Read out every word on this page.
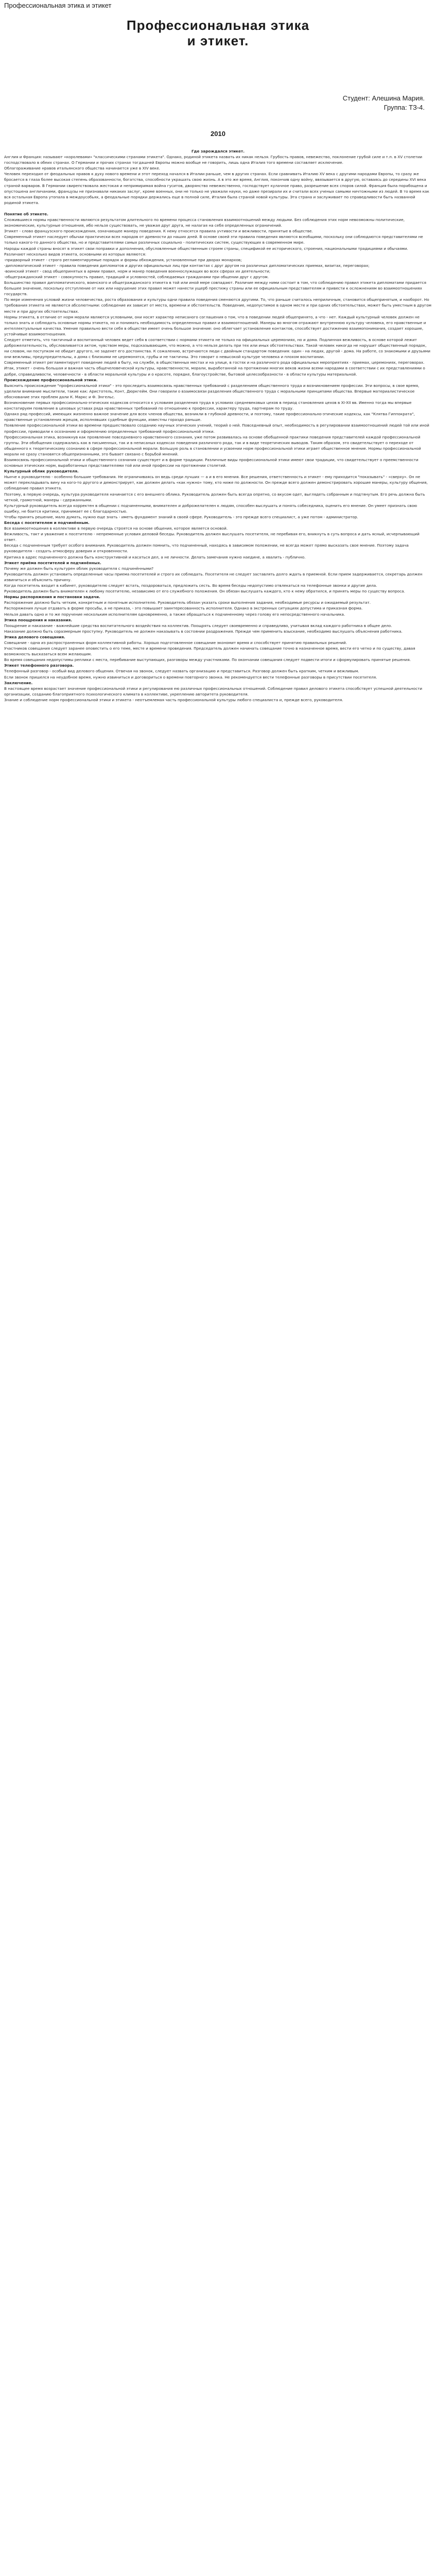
Профессиональная этика и этикет
Профессиональная этика
и этикет.
Студент: Алешина Мария.
Группа: ТЗ-4.
2010

Где зарождался этикет.

Англия и Франция: называют «королевами» "классическими странами этикета". Однако, родиной этикета назвать их никак нельзя. Грубость правов, невежество, поклонение грубой силе и т.п. в XV столетии господствовало в обеих странах. О Германии и прочих странах тогдашней Европы можно вообще не говорить, лишь одна Италия того времени составляет исключение.

Облагораживание нравов итальянского общества начинается уже в XIV веке.

Человек переходил от феодальных нравов к духу нового времени и этот переход начался в Италии раньше, чем в других странах. Если сравнивать Италию XV века с другими народами Европы, то сразу же бросается в глаза более высокая степень образованности, богатства, способности украшать свою жизнь. А в это же время, Англия, покончив одну войну, ввязывается в другую, оставаясь до середины XVI века страной варваров. В Германии свирепствовала жестокая и непримиримая война гуситов, дворянство невежественно, господствует кулачное право, разрешение всех споров силой. Франция была порабощена и опустошена англичанами, французы не признавали никаких заслуг, кроме военных, они не только не уважали науки, но даже презирали их и считали всех ученых самыми ничтожными из людей. В то время как вся остальная Европа утопала в междоусобьях, а феодальные порядки держались еще в полной силе, Италия была страной новой культуры. Эта страна и заслуживает по справедливости быть названной родиной этикета.

Понятие об этикете.

Сложившиеся нормы нравственности являются результатом длительного по времени процесса становления взаимоотношений между людьми. Без соблюдения этих норм невозможны политические, экономические, культурные отношения, ибо нельзя существовать, не уважая друг друга, не налагая на себя определенных ограничений.

Этикет - слово французского происхождения, означающее манеру поведения. К нему относятся правила учтивости и вежливости, принятые в обществе.

Современный этикет наследует обычаи практически всех народов от древности до наших дней. В основе своей эти правила поведения являются всеобщими, поскольку они соблюдаются представителями не только какого-то данного общества, но и представителями самых различных социально - политических систем, существующих в современном мире.

Народы каждой страны вносят в этикет свои поправки и дополнения, обусловленные общественным строем страны, спецификой ее исторического, строения, национальными традициями и обычаями.

Различают несколько видов этикета, основными из которых являются:

-придворный этикет - строго регламентируемые порядок и формы обхождения, установленные при дворах монархов;

-дипломатический этикет - правила поведения дипломатов и других официальных лиц при контактах с друг другом на различных дипломатических приемах, визитах, переговорах;

-воинский этикет - свод общепринятых в армии правил, норм и манер поведения военнослужащих во всех сферах их деятельности;

-общегражданский этикет - совокупность правил, традиций и условностей, соблюдаемых гражданами при общении друг с другом.

Большинство правил дипломатического, воинского и общегражданского этикета в той или иной мере совпадают. Различие между ними состоит в том, что соблюдению правил этикета дипломатами придается большее значение, поскольку отступление от них или нарушение этих правил может нанести ущерб престижу страны или ее официальным представителям и привести к осложнениям во взаимоотношениях государств.

По мере изменения условий жизни человечества, роста образования и культуры одни правила поведения сменяются другими. То, что раньше считалось неприличным, становится общепринятым, и наоборот. Но требования этикета не являются абсолютными: соблюдение их зависит от места, времени и обстоятельств. Поведение, недопустимое в одном месте и при одних обстоятельствах, может быть уместным в другом месте и при других обстоятельствах.

Нормы этикета, в отличие от норм морали являются условными, они носят характер неписаного соглашения о том, что в поведении людей общепринято, а что - нет. Каждый культурный человек должен не только знать и соблюдать основные нормы этикета, но и понимать необходимость определенных правил и взаимоотношений. Манеры во многом отражают внутреннюю культуру человека, его нравственные и интеллектуальные качества. Умение правильно вести себя в обществе имеет очень большое значение: оно облегчает установление контактов, способствует достижению взаимопонимания, создает хорошие, устойчивые взаимоотношения.

Следует отметить, что тактичный и воспитанный человек ведет себя в соответствии с нормами этикета не только на официальных церемониях, но и дома. Подлинная вежливость, в основе которой лежит доброжелательность, обусловливается актом, чувством меры, подсказывающим, что можно, а что нельзя делать при тех или иных обстоятельствах. Такой человек никогда не нарушит общественный порядок, ни словом, ни поступком не обидит другого, не заденет его достоинства. К сожалению, встречаются люди с двойным стандартом поведения: один - на людях, другой - дома. На работе, со знакомыми и друзьями они вежливы, предупредительны, а дома с близкими не церемонятся, грубы и не тактичны. Это говорит о невысокой культуре человека и плохом воспитании.

Современный этикет регламентирует поведение людей в быту, на службе, в общественных местах и на улице, в гостях и на различного рода официальных мероприятиях - приемах, церемониях, переговорах.

Итак, этикет - очень большая и важная часть общечеловеческой культуры, нравственности, морали, выработанной на протяжении многих веков жизни всеми народами в соответствии с их представлениями о добре, справедливости, человечности - в области моральной культуры и о красоте, порядке, благоустройстве, бытовой целесообразности - в области культуры материальной.

Происхождение профессиональной этики.

Выяснить происхождение "профессиональной этики" - это проследить взаимосвязь нравственных требований с разделением общественного труда и возникновением профессии. Эти вопросы, в свое время, уделили внимание мыслители, такие как: Аристотель, Конт, Дюркгейм. Они говорили о взаимосвязи разделения общественного труда с моральными принципами общества. Впервые материалистическое обоснование этих проблем дали К. Маркс и Ф. Энгельс.

Возникновение первых профессионально-этических кодексов относится к условиям разделения труда в условиях средневековых цехов в период становления цехов в XI-XII вв. Именно тогда мы впервые констатируем появление в цеховых уставах ряда нравственных требований по отношению к профессии, характеру труда, партнерам по труду.

Однако ряд профессий, имеющих жизненно важное значение для всех членов общества, возникли в глубокой древности, и поэтому, такие профессионально-этические кодексы, как "Клятва Гиппократа", нравственные установления жрецов, исполнявших судебные функции, известны гораздо раньше.

Появление профессиональной этики во времени предшествовало созданию научных этических учений, теорий о ней. Повседневный опыт, необходимость в регулировании взаимоотношений людей той или иной профессии, приводили к осознанию и оформлению определенных требований профессиональной этики.

Профессиональная этика, возникнув как проявление повседневного нравственного сознания, уже потом развивалась на основе обобщенной практики поведения представителей каждой профессиональной группы. Эти обобщения содержались как в письменных, так и в неписаных кодексах поведения различного рода, так и в виде теоретических выводов. Таким образом, это свидетельствует о переходе от обыденного к теоретическому сознанию в сфере профессиональной морали. Большую роль в становлении и усвоении норм профессиональной этики играет общественное мнение. Нормы профессиональной морали не сразу становятся общепризнанными, это бывает связано с борьбой мнений.

Взаимосвязь профессиональной этики и общественного сознания существует и в форме традиции. Различные виды профессиональной этики имеют свои традиции, что свидетельствует о преемственности основных этических норм, выработанных представителями той или иной профессии на протяжении столетий.

Культурный облик руководителя.

Нынче к руководителю - особенно большие требования. Не ограничиваясь он ведь среди лучших — а и в его мнения. Все решения, ответственность и этикет - ему приходится "показывать" - «сверху». Он не может перекладывать вину на кого-то другого и демонстрирует, как должен делать «как нужно» тому, кто ниже по должности. Он прежде всего должен демонстрировать хорошие манеры, культуру общения, соблюдение правил этикета.

Поэтому, в первую очередь, культура руководителя начинается с его внешнего облика. Руководитель должен быть всегда опрятно, со вкусом одет, выглядеть собранным и подтянутым. Его речь должна быть четкой, грамотной, манеры - сдержанными.

Культурный руководитель всегда корректен в общении с подчиненными, внимателен и доброжелателен к людям, способен выслушать и понять собеседника, оценить его мнение. Он умеет признать свою ошибку, не боится критики, принимает ее с благодарностью.

Чтобы принять решение, мало думать, нужно еще знать - иметь фундамент знаний в своей сфере. Руководитель - это прежде всего специалист, а уже потом - администратор.

Беседа с посетителем и подчинённым.

Все взаимоотношения в коллективе в первую очередь строятся на основе общения, которое является основой.

Вежливость, такт и уважение к посетителю - непременные условия деловой беседы. Руководитель должен выслушать посетителя, не перебивая его, вникнуть в суть вопроса и дать ясный, исчерпывающий ответ.

Беседа с подчиненным требует особого внимания. Руководитель должен помнить, что подчиненный, находясь в зависимом положении, не всегда может прямо высказать свое мнение. Поэтому задача руководителя - создать атмосферу доверия и откровенности.

Критика в адрес подчиненного должна быть конструктивной и касаться дел, а не личности. Делать замечания нужно наедине, а хвалить - публично.

Этикет приёма посетителей и подчинённых.

Почему же должен быть культурен облик руководителя с подчинёнными?

Руководитель должен установить определенные часы приема посетителей и строго их соблюдать. Посетителя не следует заставлять долго ждать в приемной. Если прием задерживается, секретарь должен извиниться и объяснить причину.

Когда посетитель входит в кабинет, руководителю следует встать, поздороваться, предложить сесть. Во время беседы недопустимо отвлекаться на телефонные звонки и другие дела.

Руководитель должен быть внимателен к любому посетителю, независимо от его служебного положения. Он обязан выслушать каждого, кто к нему обратился, и принять меры по существу вопроса.

Нормы распоряжения и постановки задачи.

Распоряжение должно быть четким, конкретным и понятным исполнителю. Руководитель обязан указать сроки выполнения задания, необходимые ресурсы и ожидаемый результат.

Распоряжения лучше отдавать в форме просьбы, а не приказа, - это повышает заинтересованность исполнителя. Однако в экстренных ситуациях допустима и приказная форма.

Нельзя давать одно и то же поручение нескольким исполнителям одновременно, а также обращаться к подчиненному через голову его непосредственного начальника.

Этика поощрения и наказания.

Поощрение и наказание - важнейшие средства воспитательного воздействия на коллектив. Поощрять следует своевременно и справедливо, учитывая вклад каждого работника в общее дело.

Наказание должно быть соразмерным проступку. Руководитель не должен наказывать в состоянии раздражения. Прежде чем применить взыскание, необходимо выслушать объяснения работника.

Этика делового совещания.

Совещание - одна из распространенных форм коллективной работы. Хорошо подготовленное совещание экономит время и способствует принятию правильных решений.

Участников совещания следует заранее оповестить о его теме, месте и времени проведения. Председатель должен начинать совещание точно в назначенное время, вести его четко и по существу, давая возможность высказаться всем желающим.

Во время совещания недопустимы реплики с места, перебивание выступающих, разговоры между участниками. По окончании совещания следует подвести итоги и сформулировать принятые решения.

Этикет телефонного разговора.

Телефонный разговор - особый вид делового общения. Отвечая на звонок, следует назвать организацию и представиться. Разговор должен быть кратким, четким и вежливым.

Если звонок пришелся на неудобное время, нужно извиниться и договориться о времени повторного звонка. Не рекомендуется вести телефонные разговоры в присутствии посетителя.

Заключение.

В настоящее время возрастает значение профессиональной этики и регулирования ею различных профессиональных отношений. Соблюдение правил делового этикета способствует успешной деятельности организации, созданию благоприятного психологического климата в коллективе, укреплению авторитета руководителя.

Знание и соблюдение норм профессиональной этики и этикета - неотъемлемая часть профессиональной культуры любого специалиста и, прежде всего, руководителя.
